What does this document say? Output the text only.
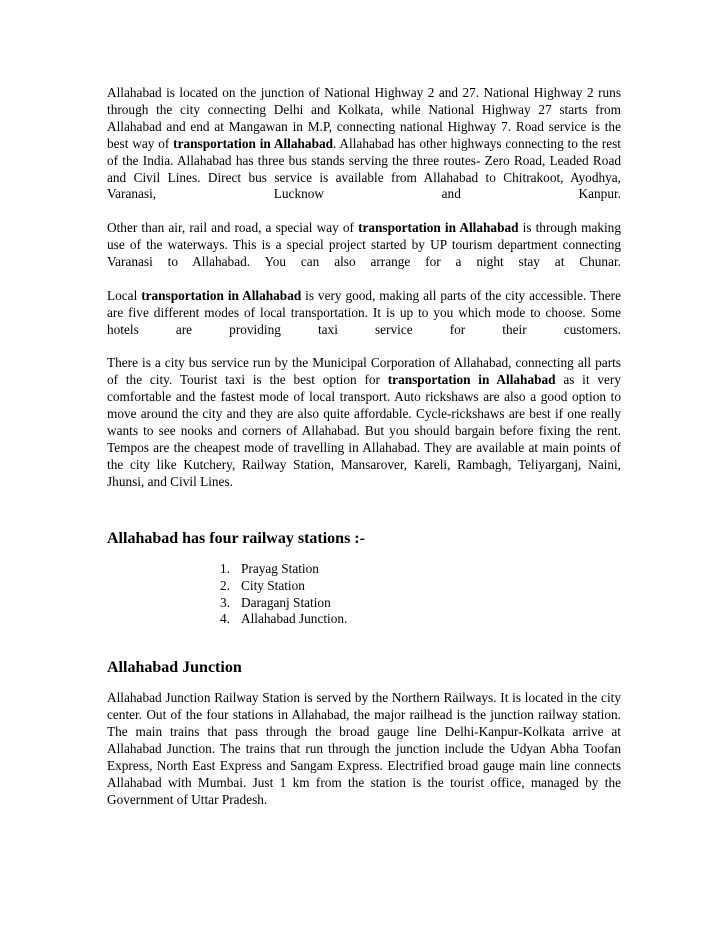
Allahabad is located on the junction of National Highway 2 and 27. National Highway 2 runs through the city connecting Delhi and Kolkata, while National Highway 27 starts from Allahabad and end at Mangawan in M.P, connecting national Highway 7. Road service is the best way of transportation in Allahabad. Allahabad has other highways connecting to the rest of the India. Allahabad has three bus stands serving the three routes- Zero Road, Leaded Road and Civil Lines. Direct bus service is available from Allahabad to Chitrakoot, Ayodhya, Varanasi, Lucknow and Kanpur.

Other than air, rail and road, a special way of transportation in Allahabad is through making use of the waterways. This is a special project started by UP tourism department connecting Varanasi to Allahabad. You can also arrange for a night stay at Chunar.

Local transportation in Allahabad is very good, making all parts of the city accessible. There are five different modes of local transportation. It is up to you which mode to choose. Some hotels are providing taxi service for their customers.

There is a city bus service run by the Municipal Corporation of Allahabad, connecting all parts of the city. Tourist taxi is the best option for transportation in Allahabad as it very comfortable and the fastest mode of local transport. Auto rickshaws are also a good option to move around the city and they are also quite affordable. Cycle-rickshaws are best if one really wants to see nooks and corners of Allahabad. But you should bargain before fixing the rent. Tempos are the cheapest mode of travelling in Allahabad. They are available at main points of the city like Kutchery, Railway Station, Mansarover, Kareli, Rambagh, Teliyarganj, Naini, Jhunsi, and Civil Lines.

Allahabad has four railway stations :-
1. Prayag Station
2. City Station
3. Daraganj Station
4. Allahabad Junction.
Allahabad Junction

Allahabad Junction Railway Station is served by the Northern Railways. It is located in the city center. Out of the four stations in Allahabad, the major railhead is the junction railway station. The main trains that pass through the broad gauge line Delhi-Kanpur-Kolkata arrive at Allahabad Junction. The trains that run through the junction include the Udyan Abha Toofan Express, North East Express and Sangam Express. Electrified broad gauge main line connects Allahabad with Mumbai. Just 1 km from the station is the tourist office, managed by the Government of Uttar Pradesh.
